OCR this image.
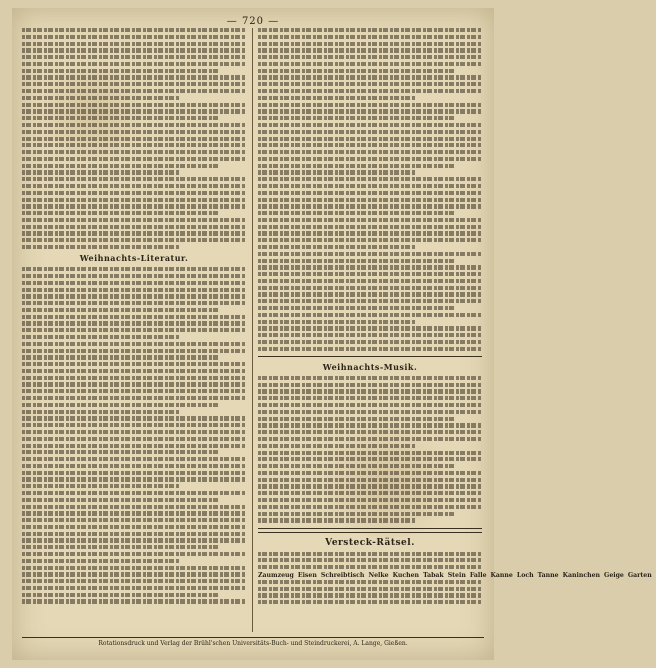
— 720 —
Weihnachts-Literatur.
Weihnachts-Musik.
Versteck-Rätsel.
Zaumzeug Eisen Schreibtisch Nelke Kuchen Tabak Stein Falle Kanne Loch Tanne Kaninchen Geige Garten
Rotationsdruck und Verlag der Brühl'schen Universitäts-Buch- und Steindruckerei, A. Lange, Gießen.
